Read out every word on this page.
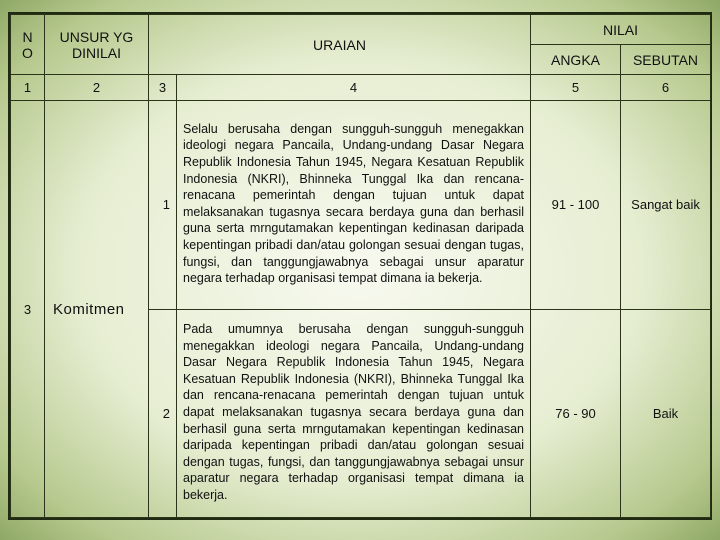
N
O	UNSUR YG
DINILAI	URAIAN		NILAI	
				ANGKA	SEBUTAN
1	2	3	4	5	6
3	Komitmen	1	Selalu berusaha dengan sungguh-sungguh menegakkan ideologi negara Pancaila, Undang-undang Dasar Negara Republik Indonesia Tahun 1945, Negara Kesatuan Republik Indonesia (NKRI), Bhinneka Tunggal Ika dan rencana-renacana pemerintah dengan tujuan untuk dapat melaksanakan tugasnya secara berdaya guna dan berhasil guna serta mrngutamakan kepentingan kedinasan daripada kepentingan pribadi dan/atau golongan sesuai dengan tugas, fungsi, dan tanggungjawabnya sebagai unsur aparatur negara terhadap organisasi tempat dimana ia bekerja.	91 - 100	Sangat baik
		2	Pada umumnya berusaha dengan sungguh-sungguh menegakkan ideologi negara Pancaila, Undang-undang Dasar Negara Republik Indonesia Tahun 1945, Negara Kesatuan Republik Indonesia (NKRI), Bhinneka Tunggal Ika dan rencana-renacana pemerintah dengan tujuan untuk dapat melaksanakan tugasnya secara berdaya guna dan berhasil guna serta mrngutamakan kepentingan kedinasan daripada kepentingan pribadi dan/atau golongan sesuai dengan tugas, fungsi, dan tanggungjawabnya sebagai unsur aparatur negara terhadap organisasi tempat dimana ia bekerja.	76 - 90	Baik
